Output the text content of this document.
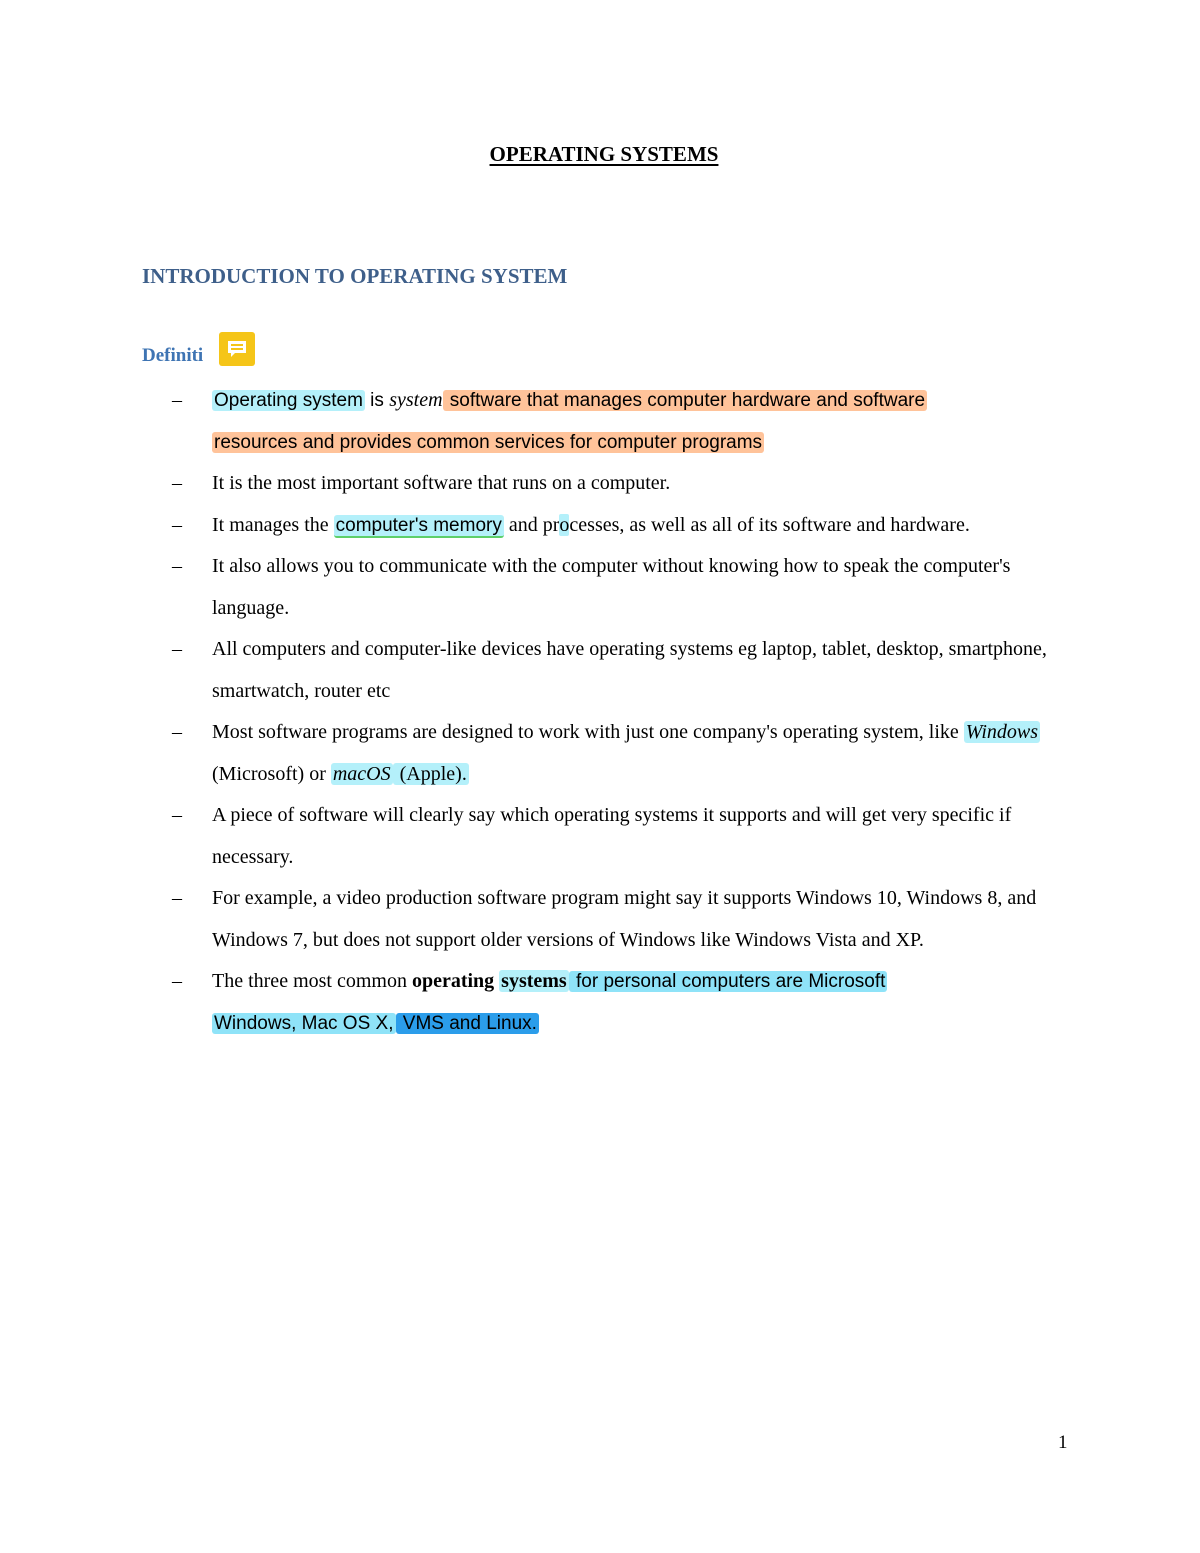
OPERATING SYSTEMS
INTRODUCTION TO OPERATING SYSTEM
Definiti
– Operating system is system software that manages computer hardware and software
resources and provides common services for computer programs
– It is the most important software that runs on a computer.
– It manages the computer's memory and processes, as well as all of its software and hardware.
– It also allows you to communicate with the computer without knowing how to speak the computer's language.
– All computers and computer-like devices have operating systems eg laptop, tablet, desktop, smartphone, smartwatch, router etc
– Most software programs are designed to work with just one company's operating system, like Windows (Microsoft) or macOS (Apple).
– A piece of software will clearly say which operating systems it supports and will get very specific if necessary.
– For example, a video production software program might say it supports Windows 10, Windows 8, and Windows 7, but does not support older versions of Windows like Windows Vista and XP.
– The three most common operating systems for personal computers are Microsoft
Windows, Mac OS X, VMS and Linux.
1
